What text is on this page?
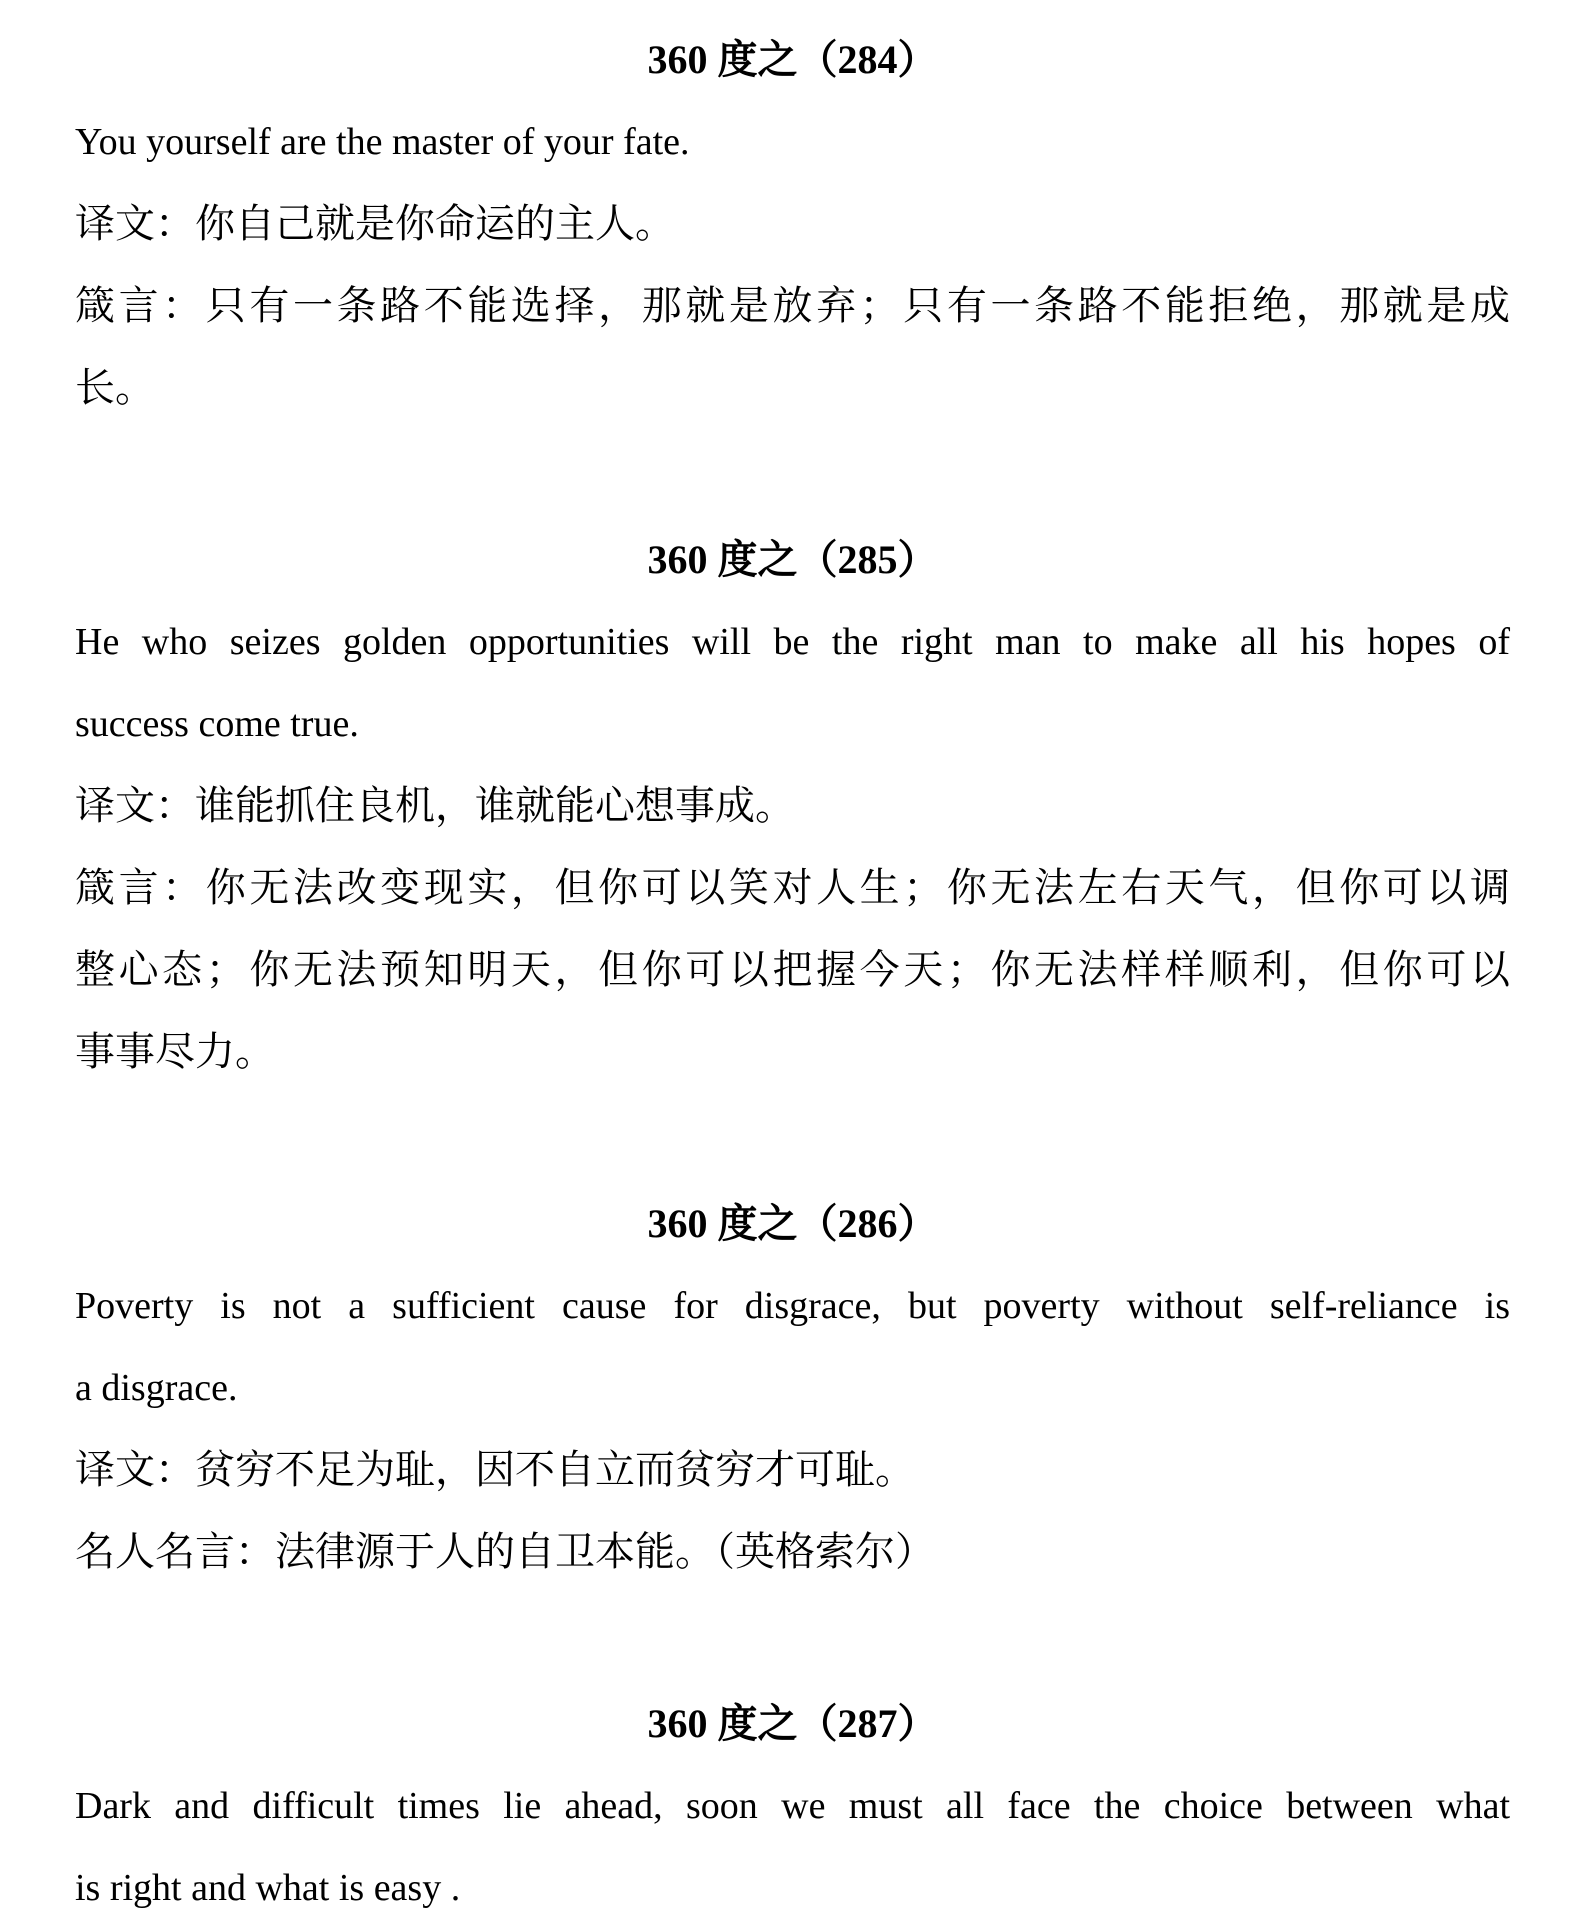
360 度之（284）
You yourself are the master of your fate.
译文：你自己就是你命运的主人。
箴言：只有一条路不能选择，那就是放弃；只有一条路不能拒绝，那就是成
长。
360 度之（285）
He who seizes golden opportunities will be the right man to make all his hopes of
success come true.
译文：谁能抓住良机，谁就能心想事成。
箴言：你无法改变现实，但你可以笑对人生；你无法左右天气，但你可以调
整心态；你无法预知明天，但你可以把握今天；你无法样样顺利，但你可以
事事尽力。
360 度之（286）
Poverty is not a sufficient cause for disgrace, but poverty without self-reliance is
a disgrace.
译文：贫穷不足为耻，因不自立而贫穷才可耻。
名人名言：法律源于人的自卫本能。（英格索尔）
360 度之（287）
Dark and difficult times lie ahead, soon we must all face the choice between what
is right and what is easy .
